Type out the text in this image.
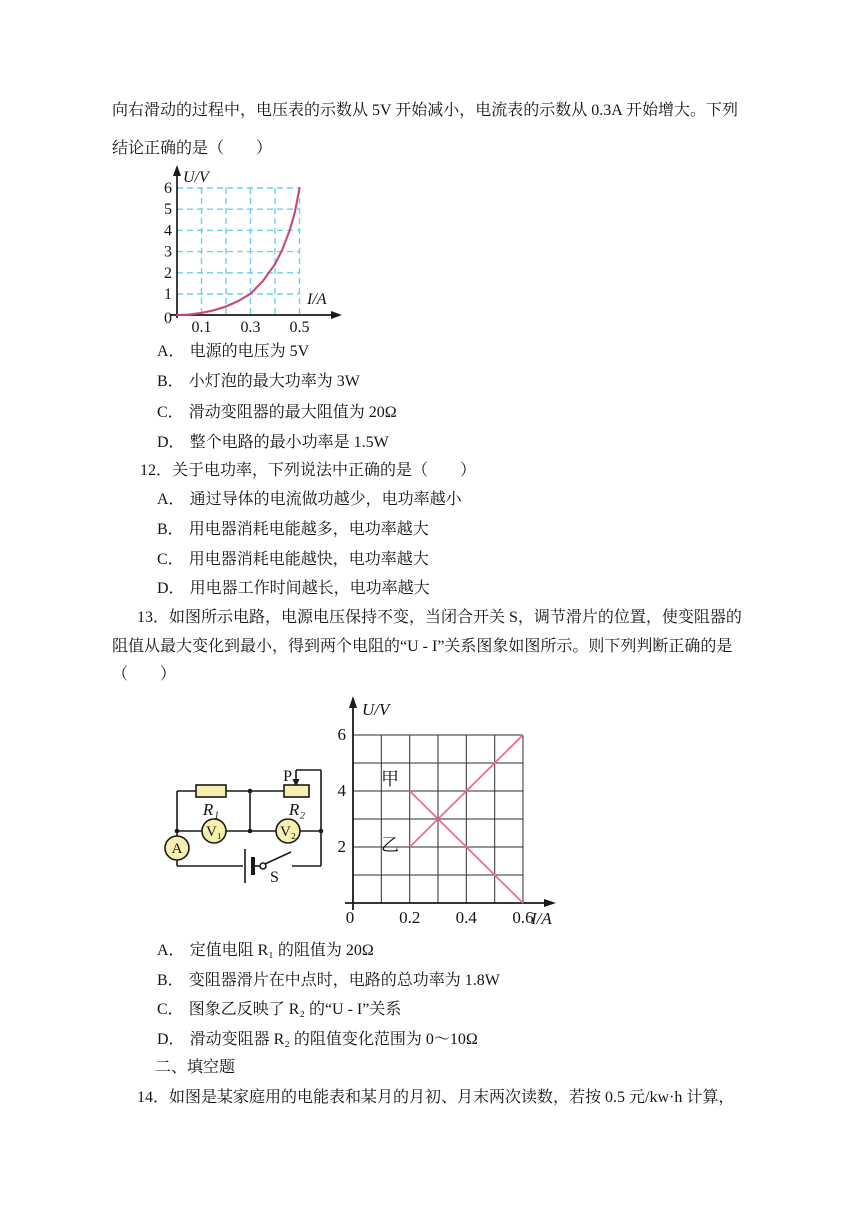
向右滑动的过程中，电压表的示数从 5V 开始减小，电流表的示数从 0.3A 开始增大。下列
结论正确的是（　　）
U/V
I/A
6
5
4
3
2
1
0
0.1 0.3 0.5
A． 电源的电压为 5V
B． 小灯泡的最大功率为 3W
C． 滑动变阻器的最大阻值为 20Ω
D． 整个电路的最小功率是 1.5W
12．关于电功率，下列说法中正确的是（　　）
A． 通过导体的电流做功越少，电功率越小
B． 用电器消耗电能越多，电功率越大
C． 用电器消耗电能越快，电功率越大
D． 用电器工作时间越长，电功率越大
13．如图所示电路，电源电压保持不变，当闭合开关 S，调节滑片的位置，使变阻器的
阻值从最大变化到最小，得到两个电阻的“U - I”关系图象如图所示。则下列判断正确的是
（　　）
A
V₁	V₂
R₁	R₂
P
S
U/V
I/A
6
4
2
0	0.2 0.4 0.6
甲
乙
A． 定值电阻 R₁ 的阻值为 20Ω
B． 变阻器滑片在中点时，电路的总功率为 1.8W
C． 图象乙反映了 R₂ 的“U - I”关系
D． 滑动变阻器 R₂ 的阻值变化范围为 0～10Ω
二、填空题
14．如图是某家庭用的电能表和某月的月初、月末两次读数，若按 0.5 元/kw·h 计算，
